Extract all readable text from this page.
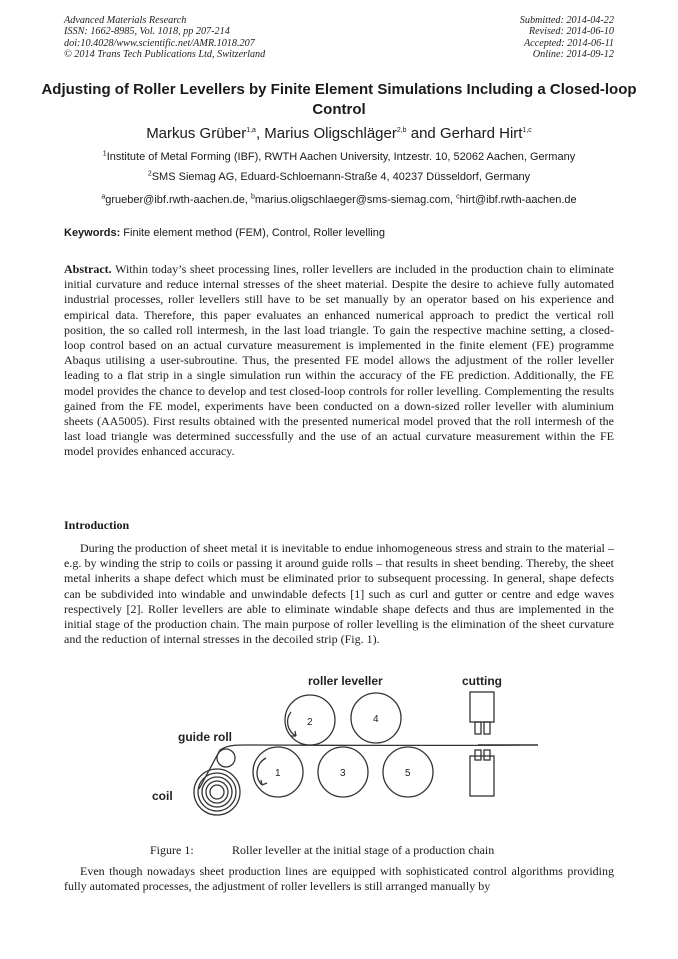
Advanced Materials Research
ISSN: 1662-8985, Vol. 1018, pp 207-214
doi:10.4028/www.scientific.net/AMR.1018.207
© 2014 Trans Tech Publications Ltd, Switzerland
Submitted: 2014-04-22
Revised: 2014-06-10
Accepted: 2014-06-11
Online: 2014-09-12
Adjusting of Roller Levellers by Finite Element Simulations Including a Closed-loop Control
Markus Grüber$^{1,a}$, Marius Oligschläger$^{2,b}$ and Gerhard Hirt$^{1,c}$
$^1$Institute of Metal Forming (IBF), RWTH Aachen University, Intzestr. 10, 52062 Aachen, Germany
$^2$SMS Siemag AG, Eduard-Schloemann-Straße 4, 40237 Düsseldorf, Germany
$^a$grueber@ibf.rwth-aachen.de, $^b$marius.oligschlaeger@sms-siemag.com, $^c$hirt@ibf.rwth-aachen.de
Keywords: Finite element method (FEM), Control, Roller levelling
Abstract. Within today’s sheet processing lines, roller levellers are included in the production chain to eliminate initial curvature and reduce internal stresses of the sheet material. Despite the desire to achieve fully automated industrial processes, roller levellers still have to be set manually by an operator based on his experience and empirical data. Therefore, this paper evaluates an enhanced numerical approach to predict the vertical roll position, the so called roll intermesh, in the last load triangle. To gain the respective machine setting, a closed-loop control based on an actual curvature measurement is implemented in the finite element (FE) programme Abaqus utilising a user-subroutine. Thus, the presented FE model allows the adjustment of the roller leveller leading to a flat strip in a single simulation run within the accuracy of the FE prediction. Additionally, the FE model provides the chance to develop and test closed-loop controls for roller levelling. Complementing the results gained from the FE model, experiments have been conducted on a down-sized roller leveller with aluminium sheets (AA5005). First results obtained with the presented numerical model proved that the roll intermesh of the last load triangle was determined successfully and the use of an actual curvature measurement within the FE model provides enhanced accuracy.
Introduction
During the production of sheet metal it is inevitable to endue inhomogeneous stress and strain to the material – e.g. by winding the strip to coils or passing it around guide rolls – that results in sheet bending. Thereby, the sheet metal inherits a shape defect which must be eliminated prior to subsequent processing. In general, shape defects can be subdivided into windable and unwindable defects [1] such as curl and gutter or centre and edge waves respectively [2]. Roller levellers are able to eliminate windable shape defects and thus are implemented in the initial stage of the production chain. The main purpose of roller levelling is the elimination of the sheet curvature and the reduction of internal stresses in the decoiled strip (Fig. 1).
roller leveller	cutting
guide roll
coil
1
2
3
4
5
Figure 1:	Roller leveller at the initial stage of a production chain
Even though nowadays sheet production lines are equipped with sophisticated control algorithms providing fully automated processes, the adjustment of roller levellers is still arranged manually by
